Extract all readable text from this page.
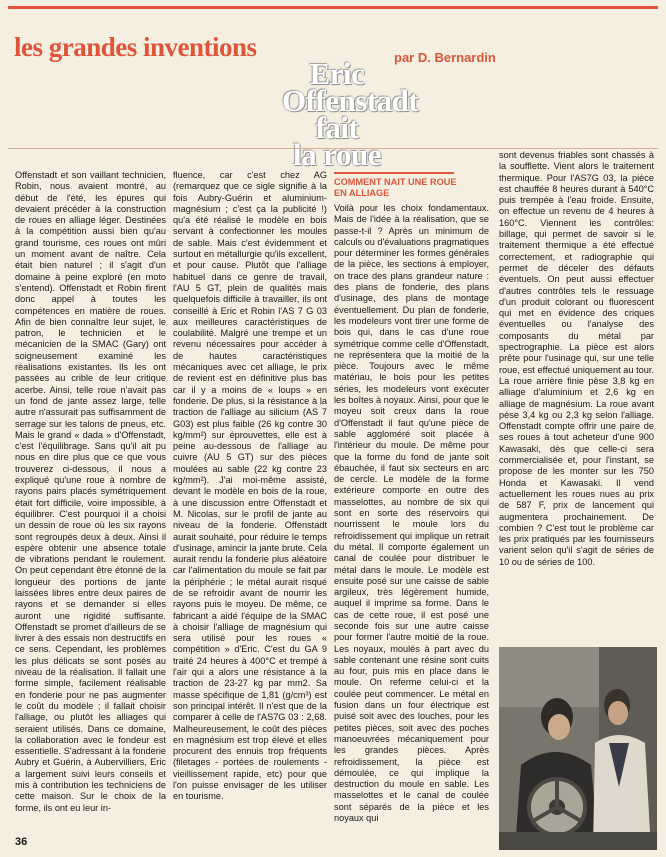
les grandes inventions	par D. Bernardin
Eric
Offenstadt
fait
la roue

Offenstadt et son vaillant technicien, Robin, nous avaient montré, au début de l'été, les épures qui devaient précéder à la construction de roues en alliage léger. Destinées à la compétition aussi bien qu'au grand tourisme, ces roues ont mûri un moment avant de naître. Cela était bien naturel ; il s'agit d'un domaine à peine exploré (en moto s'entend). Offenstadt et Robin firent donc appel à toutes les compétences en matière de roues. Afin de bien connaître leur sujet, le patron, le technicien et le mécanicien de la SMAC (Gary) ont soigneusement examiné les réalisations existantes. Ils les ont passées au crible de leur critique acerbe. Ainsi, telle roue n'avait pas un fond de jante assez large, telle autre n'assurait pas suffisamment de serrage sur les talons de pneus, etc. Mais le grand « dada » d'Offenstadt, c'est l'équilibrage. Sans qu'il ait pu nous en dire plus que ce que vous trouverez ci-dessous, il nous a expliqué qu'une roue à nombre de rayons pairs placés symétriquement était fort difficile, voire impossible, à équilibrer. C'est pourquoi il a choisi un dessin de roue où les six rayons sont regroupés deux à deux. Ainsi il espère obtenir une absence totale de vibrations pendant le roulement. On peut cependant être étonné de la longueur des portions de jante laissées libres entre deux paires de rayons et se demander si elles auront une rigidité suffisante. Offenstadt se promet d'ailleurs de se livrer à des essais non destructifs en ce sens. Cependant, les problèmes les plus délicats se sont posés au niveau de la réalisation. Il fallait une forme simple, facilement réalisable en fonderie pour ne pas augmenter le coût du modèle ; il fallait choisir l'alliage, ou plutôt les alliages qui seraient utilisés. Dans ce domaine, la collaboration avec le fondeur est essentielle. S'adressant à la fonderie Aubry et Guérin, à Aubervilliers, Eric a largement suivi leurs conseils et mis à contribution les techniciens de cette maison. Sur le choix de la forme, ils ont eu leur in-

fluence, car c'est chez AG (remarquez que ce sigle signifie à la fois Aubry-Guérin et aluminium-magnésium ; c'est ça la publicité !) qu'a été réalisé le modèle en bois servant à confectionner les moules de sable. Mais c'est évidemment et surtout en métallurgie qu'ils excellent, et pour cause. Plutôt que l'alliage habituel dans ce genre de travail, l'AU 5 GT, plein de qualités mais quelquefois difficile à travailler, ils ont conseillé à Eric et Robin l'AS 7 G 03 aux meilleures caractéristiques de coulabilité. Malgré une trempe et un revenu nécessaires pour accéder à de hautes caractéristiques mécaniques avec cet alliage, le prix de revient est en définitive plus bas car il y a moins de « loups » en fonderie. De plus, si la résistance à la traction de l'alliage au silicium (AS 7 G03) est plus faible (26 kg contre 30 kg/mm²) sur éprouvettes, elle est à peine au-dessous de l'alliage au cuivre (AU 5 GT) sur des pièces moulées au sable (22 kg contre 23 kg/mm²). J'ai moi-même assisté, devant le modèle en bois de la roue, à une discussion entre Offenstadt et M. Nicolas, sur le profil de jante au niveau de la fonderie. Offenstadt aurait souhaité, pour réduire le temps d'usinage, amincir la jante brute. Cela aurait rendu la fonderie plus aléatoire car l'alimentation du moule se fait par la périphérie ; le métal aurait risqué de se refroidir avant de nourrir les rayons puis le moyeu. De même, ce fabricant a aidé l'équipe de la SMAC à choisir l'alliage de magnésium qui sera utilisé pour les roues « compétition » d'Eric. C'est du GA 9 traité 24 heures à 400°C et trempé à l'air qui a alors une résistance à la traction de 23-27 kg par mm2. Sa masse spécifique de 1,81 (g/cm³) est son principal intérêt. Il n'est que de la comparer à celle de l'AS7G 03 : 2,68. Malheureusement, le coût des pièces en magnésium est trop élevé et elles procurent des ennuis trop fréquents (filetages - portées de roulements - vieillissement rapide, etc) pour que l'on puisse envisager de les utiliser en tourisme.

COMMENT NAIT UNE ROUE
EN ALLIAGE

Voilà pour les choix fondamentaux. Mais de l'idée à la réalisation, que se passe-t-il ? Après un minimum de calculs ou d'évaluations pragmatiques pour déterminer les formes générales de la pièce, les sections à employer, on trace des plans grandeur nature : des plans de fonderie, des plans d'usinage, des plans de montage éventuellement. Du plan de fonderie, les modeleurs vont tirer une forme de bois qui, dans le cas d'une roue symétrique comme celle d'Offenstadt, ne représentera que la moitié de la pièce. Toujours avec le même matériau, le bois pour les petites séries, les modeleurs vont exécuter les boîtes à noyaux. Ainsi, pour que le moyeu soit creux dans la roue d'Offenstadt il faut qu'une pièce de sable aggloméré soit placée à l'intérieur du moule. De même pour que la forme du fond de jante soit ébauchée, il faut six secteurs en arc de cercle. Le modèle de la forme extérieure comporte en outre des masselottes, au nombre de six qui sont en sorte des réservoirs qui nourrissent le moule lors du refroidissement qui implique un retrait du métal. Il comporte également un canal de coulée pour distribuer le métal dans le moule. Le modèle est ensuite posé sur une caisse de sable argileux, très légèrement humide, auquel il imprime sa forme. Dans le cas de cette roue, il est posé une seconde fois sur une autre caisse pour former l'autre moitié de la roue. Les noyaux, moulés à part avec du sable contenant une résine sont cuits au four, puis mis en place dans le moule. On referme celui-ci et la coulée peut commencer. Le métal en fusion dans un four électrique est puisé soit avec des louches, pour les petites pièces, soit avec des poches manoeuvrées mécaniquement pour les grandes pièces. Après refroidissement, la pièce est démoulée, ce qui implique la destruction du moule en sable. Les masselottes et le canal de coulée sont séparés de la pièce et les noyaux qui

sont devenus friables sont chassés à la soufflette. Vient alors le traitement thermique. Pour l'AS7G 03, la pièce est chauffée 8 heures durant à 540°C puis trempée à l'eau froide. Ensuite, on effectue un revenu de 4 heures à 160°C. Viennent les contrôles: billage, qui permet de savoir si le traitement thermique a été effectué correctement, et radiographie qui permet de déceler des défauts éventuels. On peut aussi effectuer d'autres contrôles tels le ressuage d'un produit colorant ou fluorescent qui met en évidence des criques éventuelles ou l'analyse des composants du métal par spectrographie. La pièce est alors prête pour l'usinage qui, sur une telle roue, est effectué uniquement au tour. La roue arrière finie pèse 3,8 kg en alliage d'aluminium et 2,6 kg en alliage de magnésium. La roue avant pèse 3,4 kg ou 2,3 kg selon l'alliage. Offenstadt compte offrir une paire de ses roues à tout acheteur d'une 900 Kawasaki, dès que celle-ci sera commercialisée et, pour l'instant, se propose de les monter sur les 750 Honda et Kawasaki. Il vend actuellement les roues nues au prix de 587 F, prix de lancement qui augmentera prochainement. De combien ? C'est tout le problème car les prix pratiqués par les fournisseurs varient selon qu'il s'agit de séries de 10 ou de séries de 100.

36
